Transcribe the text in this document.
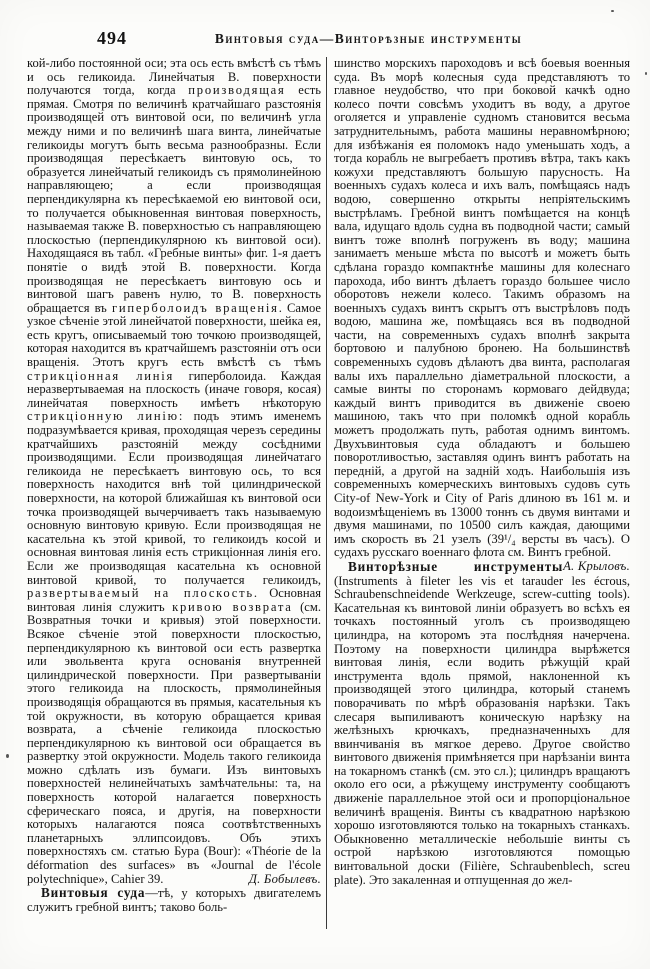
494	Винтовыя суда—Винторѣзные инструменты

кой-либо постоянной оси; эта ось есть вмѣстѣ съ тѣмъ и ось геликоида. Линейчатыя В. поверхности получаются тогда, когда производящая есть прямая. Смотря по величинѣ кратчайшаго разстоянія производящей отъ винтовой оси, по величинѣ угла между ними и по величинѣ шага винта, линейчатые геликоиды могутъ быть весьма разнообразны. Если производящая пересѣкаетъ винтовую ось, то образуется линейчатый геликоидъ съ прямолинейною направляющею; а если производящая перпендикулярна къ пересѣкаемой ею винтовой оси, то получается обыкновенная винтовая поверхность, называемая также В. поверхностью съ направляющею плоскостью (перпендикулярною къ винтовой оси). Находящаяся въ табл. «Гребные винты» фиг. 1-я даетъ понятіе о видѣ этой В. поверхности. Когда производящая не пересѣкаетъ винтовую ось и винтовой шагъ равенъ нулю, то В. поверхность обращается въ гиперболоидъ вращенія. Самое узкое сѣченіе этой линейчатой поверхности, шейка ея, есть кругъ, описываемый тою точкою производящей, которая находится въ кратчайшемъ разстояніи отъ оси вращенія. Этотъ кругъ есть вмѣстѣ съ тѣмъ стрикціонная линія гиперболоида. Каждая неразвертываемая на плоскость (иначе говоря, косая) линейчатая поверхность имѣетъ нѣкоторую стрикціонную линію: подъ этимъ именемъ подразумѣвается кривая, проходящая черезъ середины кратчайшихъ разстояній между сосѣдними производящими. Если производящая линейчатаго геликоида не пересѣкаетъ винтовую ось, то вся поверхность находится внѣ той цилиндрической поверхности, на которой ближайшая къ винтовой оси точка производящей вычерчиваетъ такъ называемую основную винтовую кривую. Если производящая не касательна къ этой кривой, то геликоидъ косой и основная винтовая линія есть стрикціонная линія его. Если же производящая касательна къ основной винтовой кривой, то получается геликоидъ, развертываемый на плоскость. Основная винтовая линія служитъ кривою возврата (см. Возвратныя точки и кривыя) этой поверхности. Всякое сѣченіе этой поверхности плоскостью, перпендикулярною къ винтовой оси есть развертка или эвольвента круга основанія внутренней цилиндрической поверхности. При развертываніи этого геликоида на плоскость, прямолинейныя производящія обращаются въ прямыя, касательныя къ той окружности, въ которую обращается кривая возврата, а сѣченіе геликоида плоскостью перпендикулярною къ винтовой оси обращается въ развертку этой окружности. Модель такого геликоида можно сдѣлать изъ бумаги. Изъ винтовыхъ поверхностей нелинейчатыхъ замѣчательны: та, на поверхность которой налагается поверхность сферическаго пояса, и другія, на поверхности которыхъ налагаются пояса соотвѣтственныхъ планетарныхъ эллипсоидовъ. Объ этихъ поверхностяхъ см. статью Бура (Bour): «Théorie de la déformation des surfaces» въ «Journal de l'école polytechnique», Cahier 39.	Д. Бобылевъ.

Винтовыя суда—тѣ, у которыхъ двигателемъ служитъ гребной винтъ; таково боль-

шинство морскихъ пароходовъ и всѣ боевыя военныя суда. Въ морѣ колесныя суда представляютъ то главное неудобство, что при боковой качкѣ одно колесо почти совсѣмъ уходитъ въ воду, а другое оголяется и управленіе судномъ становится весьма затруднительнымъ, работа машины неравномѣрною; для избѣжанія ея поломокъ надо уменьшать ходъ, а тогда корабль не выгребаетъ противъ вѣтра, такъ какъ кожухи представляютъ большую парусность. На военныхъ судахъ колеса и ихъ валъ, помѣщаясь надъ водою, совершенно открыты непріятельскимъ выстрѣламъ. Гребной винтъ помѣщается на концѣ вала, идущаго вдоль судна въ подводной части; самый винтъ тоже вполнѣ погруженъ въ воду; машина занимаетъ меньше мѣста по высотѣ и можетъ быть сдѣлана гораздо компактнѣе машины для колеснаго парохода, ибо винтъ дѣлаетъ гораздо большее число оборотовъ нежели колесо. Такимъ образомъ на военныхъ судахъ винтъ скрытъ отъ выстрѣловъ подъ водою, машина же, помѣщаясь вся въ подводной части, на современныхъ судахъ вполнѣ закрыта бортовою и палубною бронею. На большинствѣ современныхъ судовъ дѣлаютъ два винта, располагая валы ихъ параллельно діаметральной плоскости, а самые винты по сторонамъ кормоваго дейдвуда; каждый винтъ приводится въ движеніе своею машиною, такъ что при поломкѣ одной корабль можетъ продолжать путь, работая однимъ винтомъ. Двухъвинтовыя суда обладаютъ и большею поворотливостью, заставляя одинъ винтъ работать на передній, а другой на задній ходъ. Наибольшія изъ современныхъ комерческихъ винтовыхъ судовъ суть City-of New-York и City of Paris длиною въ 161 м. и водоизмѣщеніемъ въ 13000 тоннъ съ двумя винтами и двумя машинами, по 10500 силъ каждая, дающими имъ скорость въ 21 узелъ (39¹/₄ версты въ часъ). О судахъ русскаго военнаго флота см. Винтъ гребной.
А. Крыловъ.

Винторѣзные инструменты (Instruments à fileter les vis et tarauder les écrous, Schraubenschneidende Werkzeuge, screw-cutting tools). Касательная къ винтовой линіи образуетъ во всѣхъ ея точкахъ постоянный уголъ съ производящею цилиндра, на которомъ эта послѣдняя начерчена. Поэтому на поверхности цилиндра вырѣжется винтовая линія, если водить рѣжущій край инструмента вдоль прямой, наклоненной къ производящей этого цилиндра, который станемъ поворачивать по мѣрѣ образованія нарѣзки. Такъ слесаря выпиливаютъ коническую нарѣзку на желѣзныхъ крючкахъ, предназначенныхъ для ввинчиванія въ мягкое дерево. Другое свойство винтового движенія примѣняется при нарѣзаніи винта на токарномъ станкѣ (см. это сл.); цилиндръ вращаютъ около его оси, а рѣжущему инструменту сообщаютъ движеніе параллельное этой оси и пропорціональное величинѣ вращенія. Винты съ квадратною нарѣзкою хорошо изготовляются только на токарныхъ станкахъ. Обыкновенно металлическіе небольшіе винты съ острой нарѣзкою изготовляются помощью винтовальной доски (Filière, Schraubenblech, screu plate). Это закаленная и отпущенная до жел-
